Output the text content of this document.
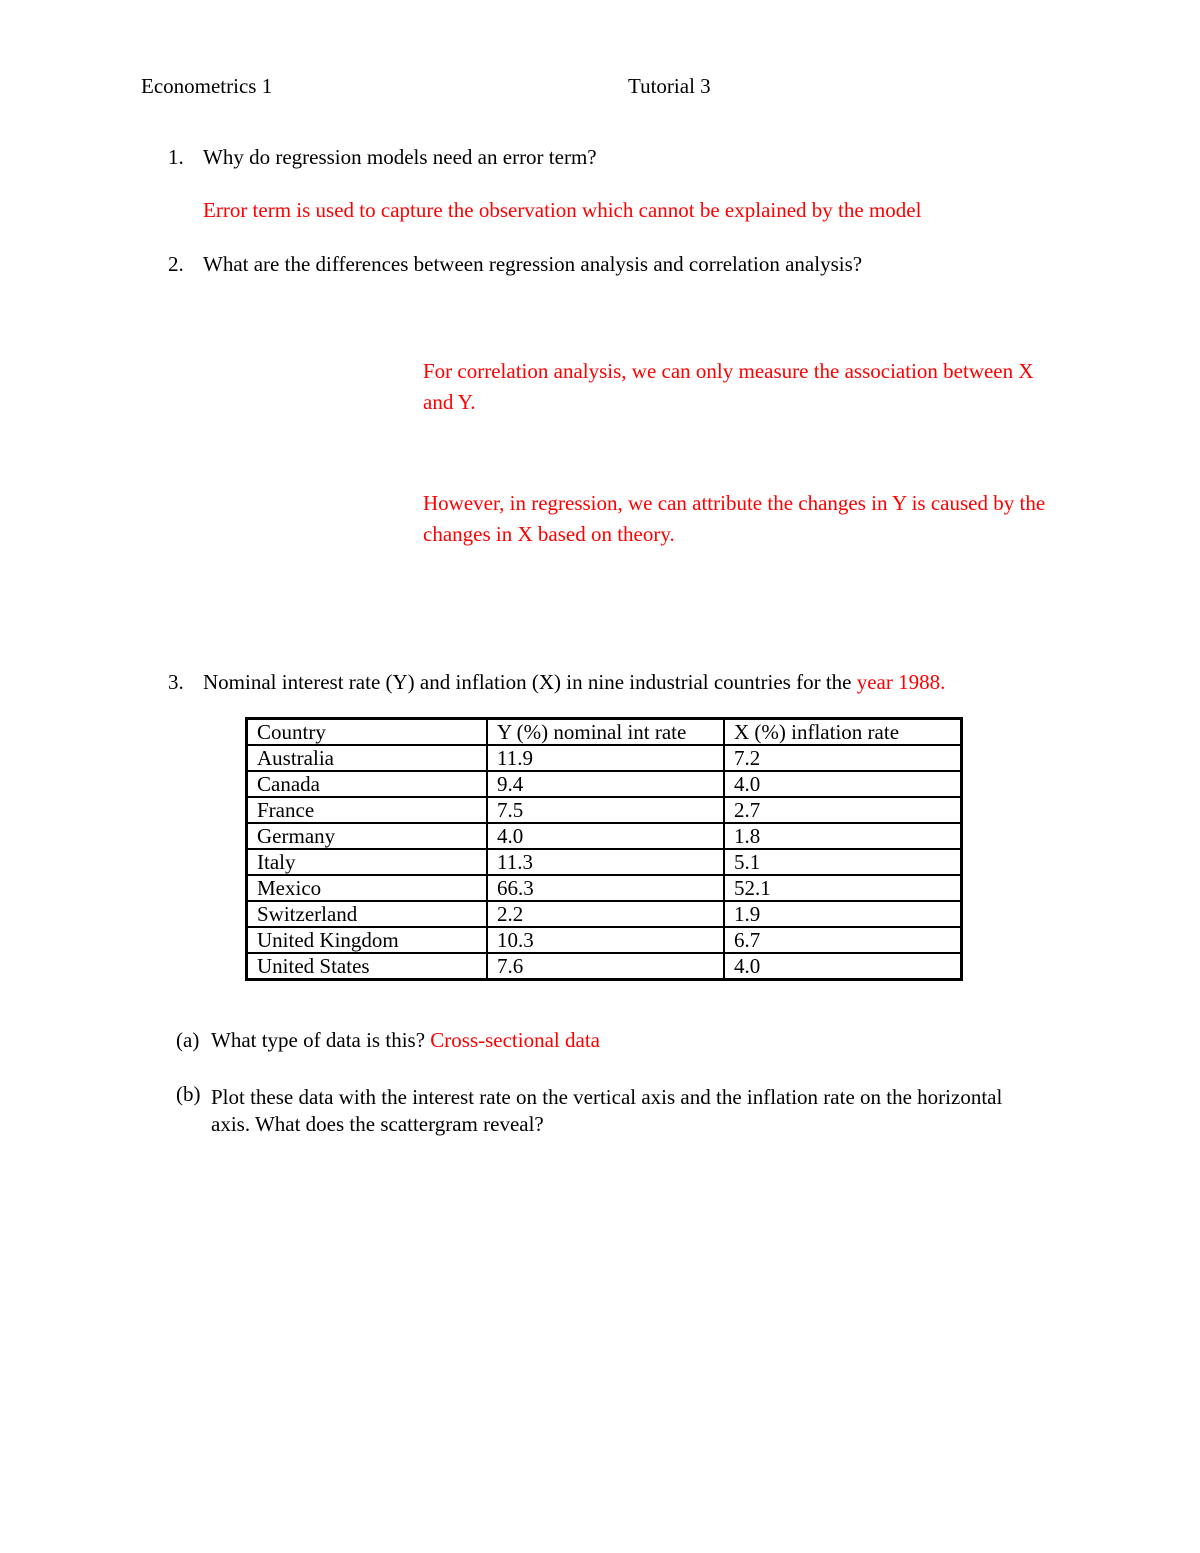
Econometrics 1	Tutorial 3
1. Why do regression models need an error term?
Error term is used to capture the observation which cannot be explained by the model
2. What are the differences between regression analysis and correlation analysis?
For correlation analysis, we can only measure the association between X and Y.
However, in regression, we can attribute the changes in Y is caused by the changes in X based on theory.
3. Nominal interest rate (Y) and inflation (X) in nine industrial countries for the year 1988.
Country	Y (%) nominal int rate	X (%) inflation rate
Australia	11.9	7.2
Canada	9.4	4.0
France	7.5	2.7
Germany	4.0	1.8
Italy	11.3	5.1
Mexico	66.3	52.1
Switzerland	2.2	1.9
United Kingdom	10.3	6.7
United States	7.6	4.0
(a) What type of data is this? Cross-sectional data
(b) Plot these data with the interest rate on the vertical axis and the inflation rate on the horizontal axis. What does the scattergram reveal?
